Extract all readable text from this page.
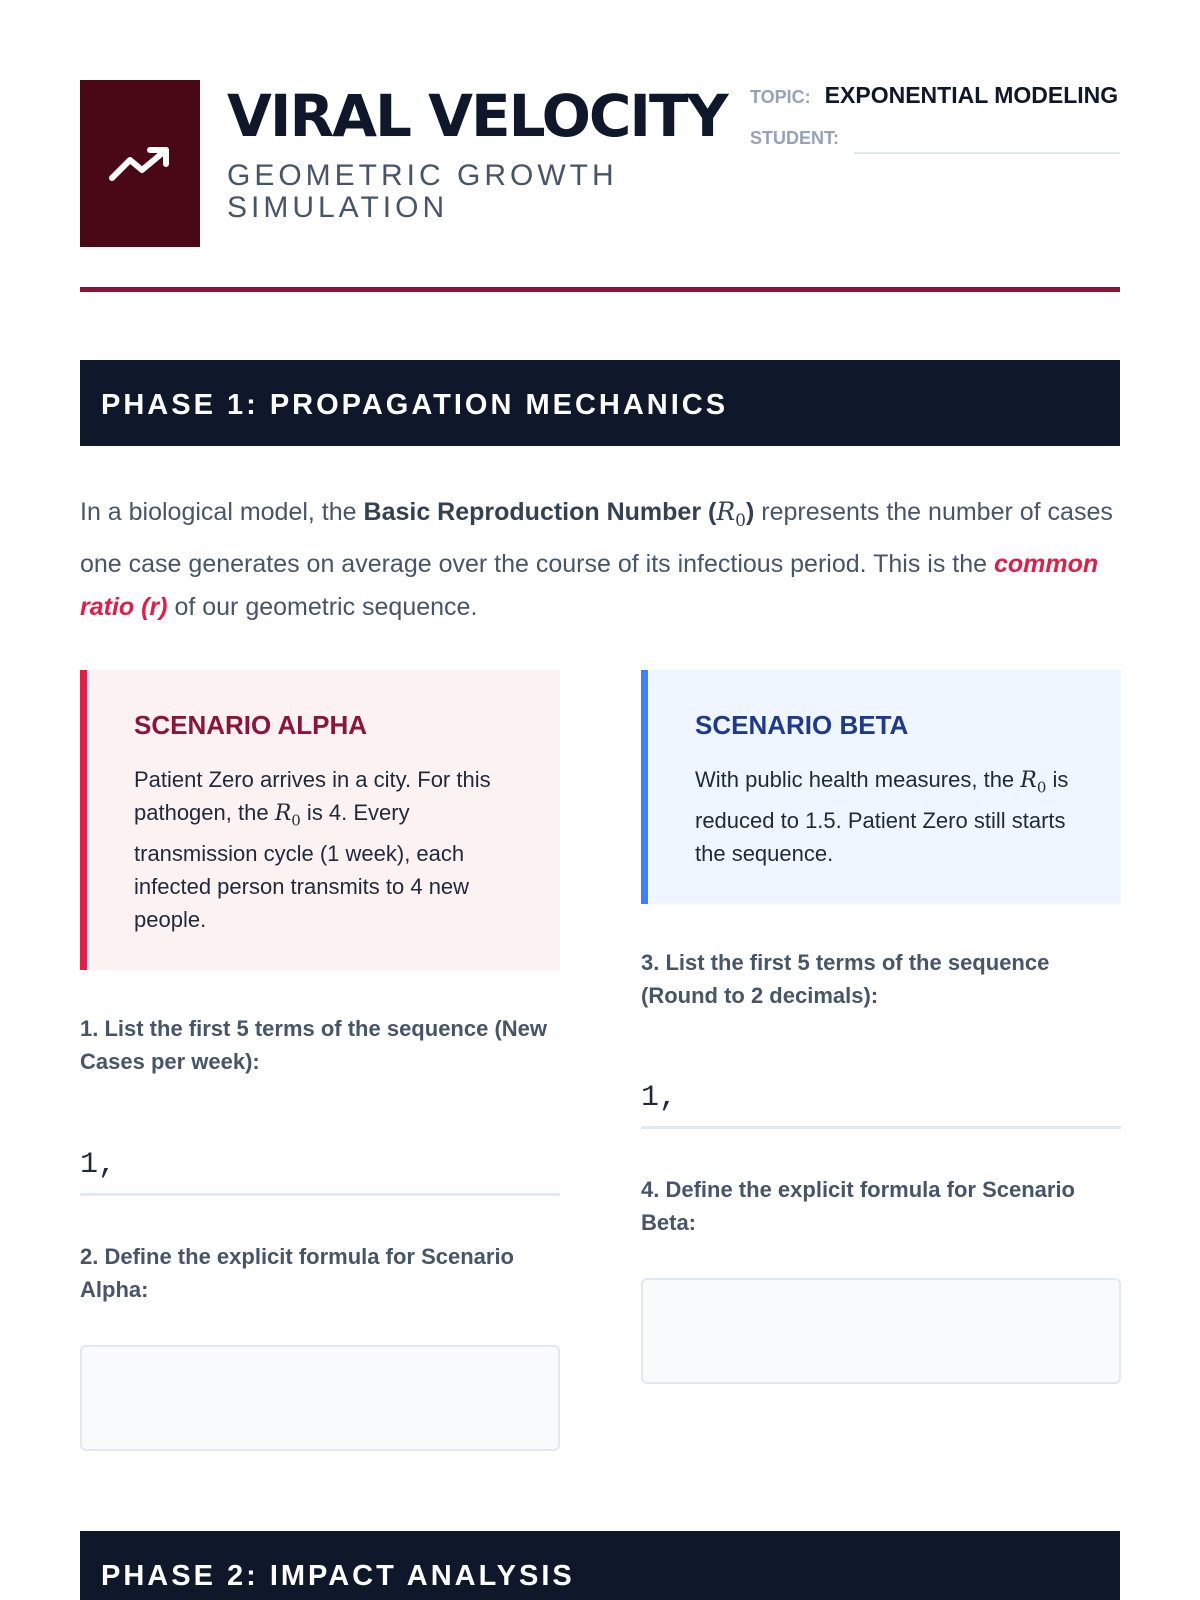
VIRAL VELOCITY
GEOMETRIC GROWTH SIMULATION
TOPIC: EXPONENTIAL MODELING
STUDENT:
PHASE 1: PROPAGATION MECHANICS

In a biological model, the Basic Reproduction Number $(R_0)$ represents the number of cases one case generates on average over the course of its infectious period. This is the common ratio (r) of our geometric sequence.

SCENARIO ALPHA
Patient Zero arrives in a city. For this pathogen, the $R_0$ is 4. Every transmission cycle (1 week), each infected person transmits to 4 new people.
SCENARIO BETA
With public health measures, the $R_0$ is reduced to 1.5. Patient Zero still starts the sequence.
1. List the first 5 terms of the sequence (New Cases per week):
1,
2. Define the explicit formula for Scenario Alpha:
3. List the first 5 terms of the sequence (Round to 2 decimals):
1,
4. Define the explicit formula for Scenario Beta:
PHASE 2: IMPACT ANALYSIS
